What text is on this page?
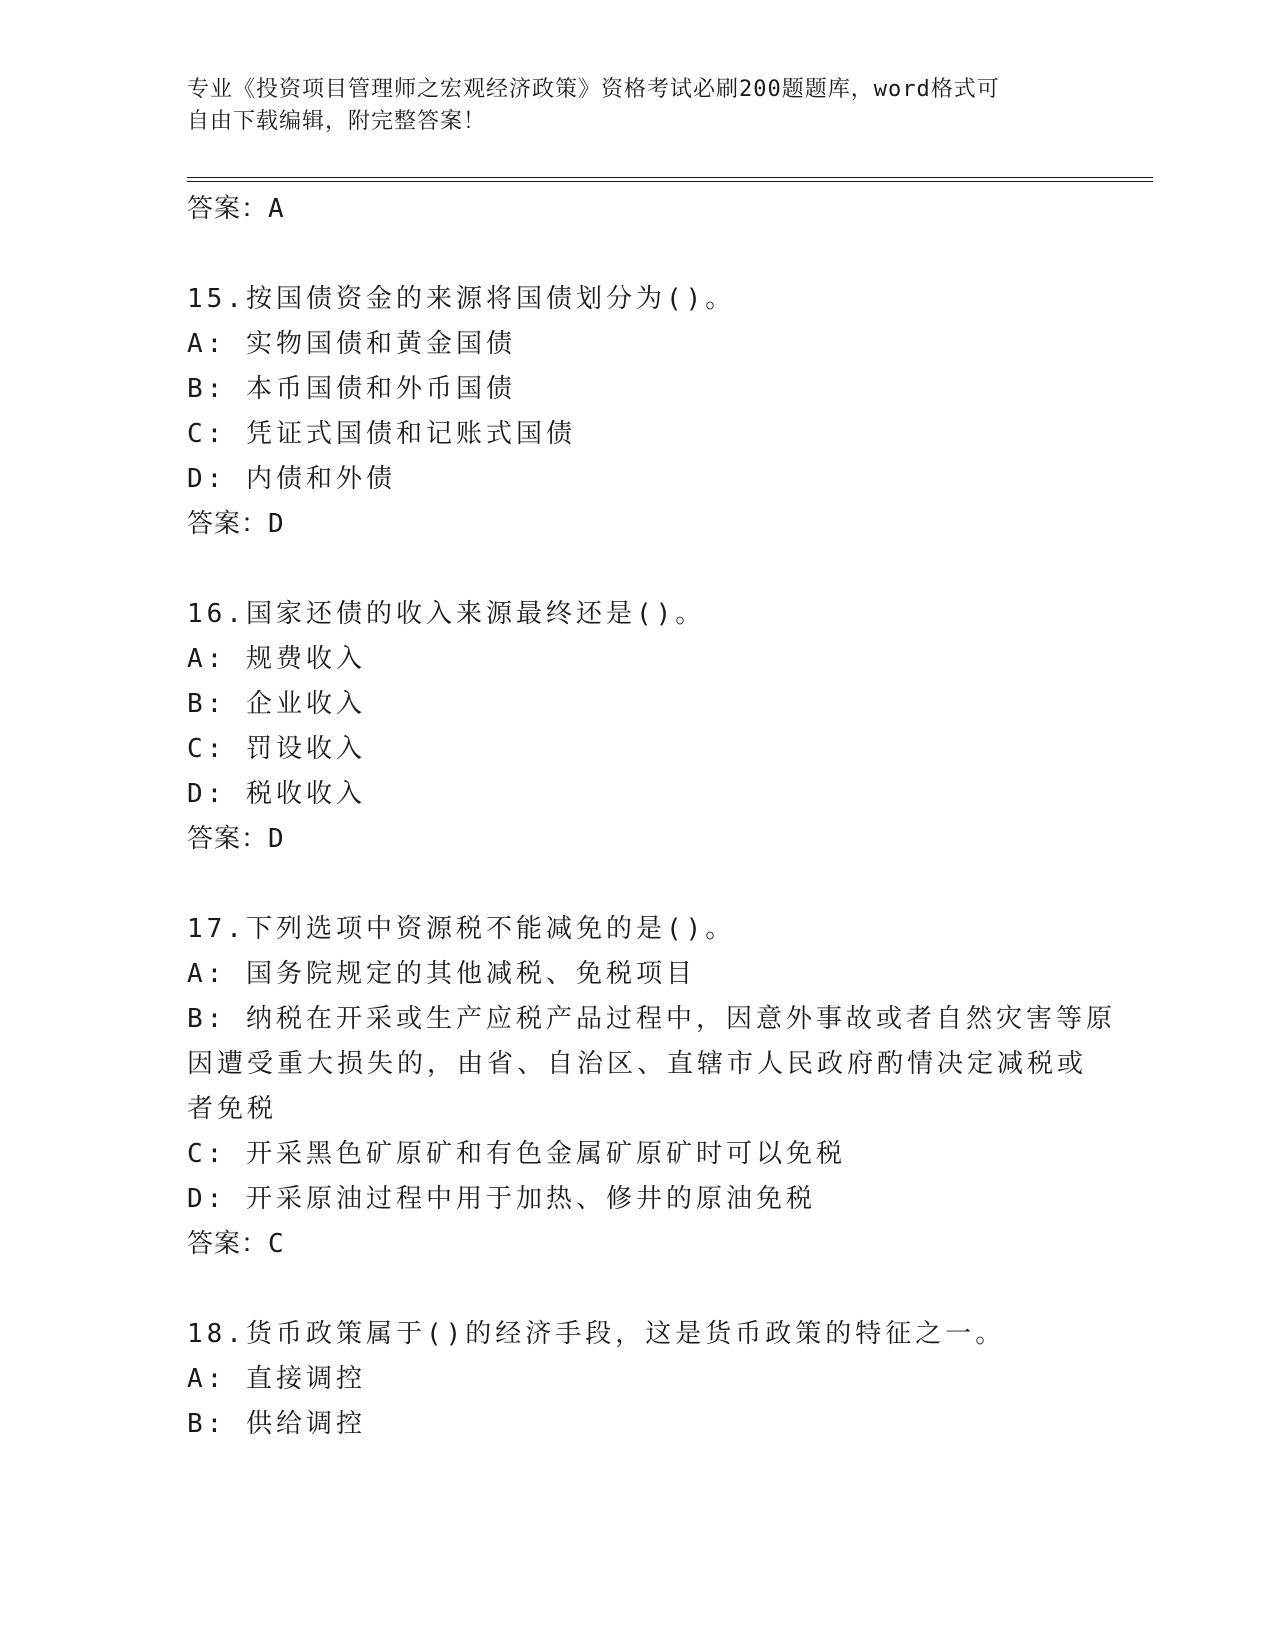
专业《投资项目管理师之宏观经济政策》资格考试必刷200题题库，word格式可
自由下载编辑，附完整答案！
答案：A
15.按国债资金的来源将国债划分为()。
A: 实物国债和黄金国债
B: 本币国债和外币国债
C: 凭证式国债和记账式国债
D: 内债和外债
答案：D
16.国家还债的收入来源最终还是()。
A: 规费收入
B: 企业收入
C: 罚设收入
D: 税收收入
答案：D
17.下列选项中资源税不能减免的是()。
A: 国务院规定的其他减税、免税项目
B: 纳税在开采或生产应税产品过程中，因意外事故或者自然灾害等原
因遭受重大损失的，由省、自治区、直辖市人民政府酌情决定减税或
者免税
C: 开采黑色矿原矿和有色金属矿原矿时可以免税
D: 开采原油过程中用于加热、修井的原油免税
答案：C
18.货币政策属于()的经济手段，这是货币政策的特征之一。
A: 直接调控
B: 供给调控
